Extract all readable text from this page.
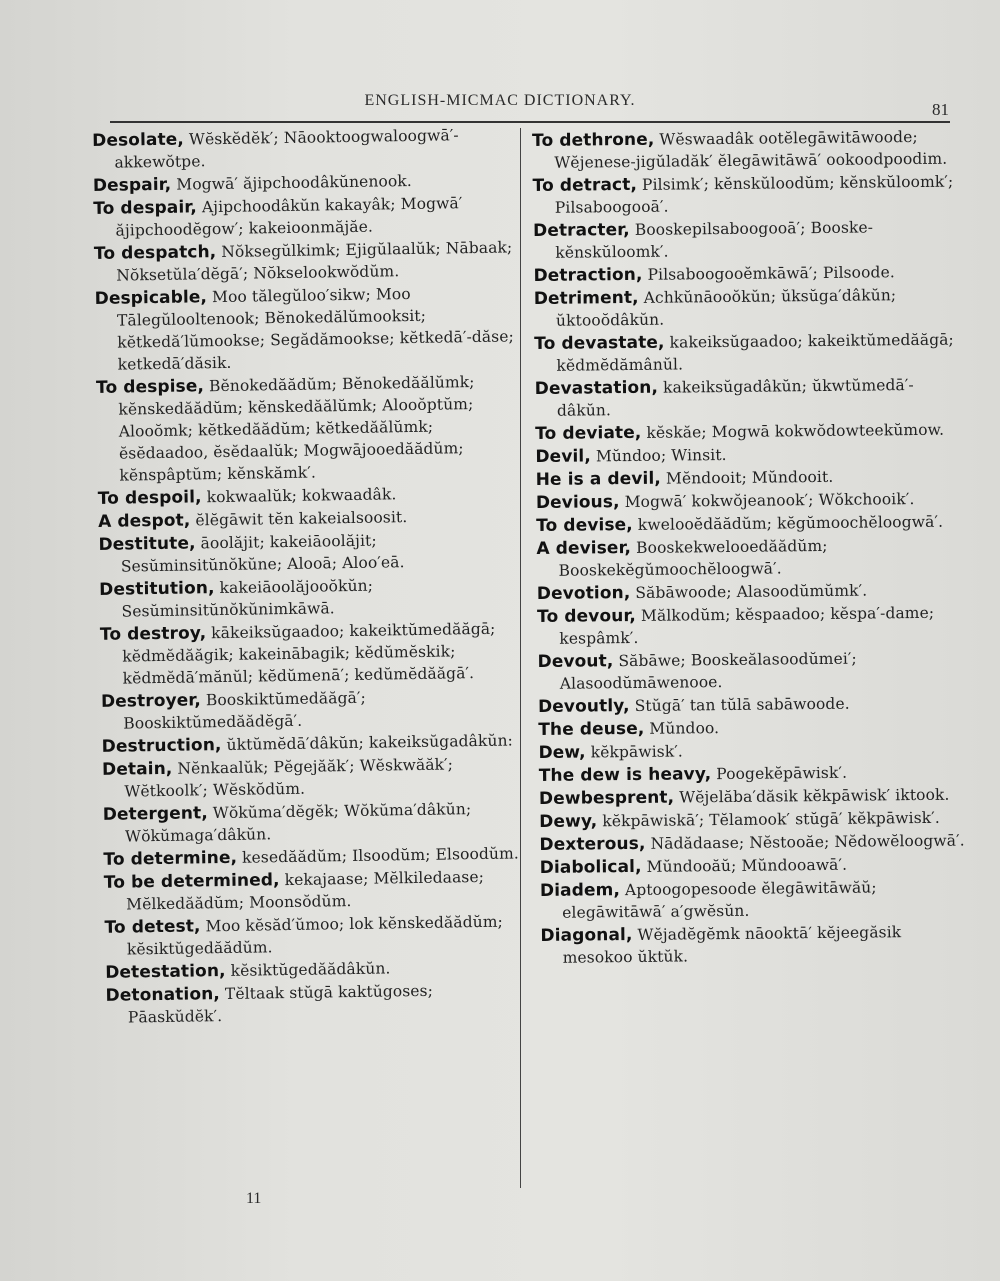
ENGLISH-MICMAC DICTIONARY.	81
Desolate, Wĕskĕdĕk′; Nāooktoogwaloogwā′-akkewŏtpe.
Despair, Mogwā′ ăjipchoodâkŭnenook.
To despair, Ajipchoodâkŭn kakayâk; Mogwā′ ăjipchoodĕgow′; kakeioonmăjăe.
To despatch, Nŏksegŭlkimk; Ejigŭlaalŭk; Nābaak; Nŏksetŭla′dĕgā′; Nŏkselookwŏdŭm.
Despicable, Moo tălegŭloo′sikw; Moo Tālegŭlooltenook; Bĕnokedălŭmooksit; kĕtkedă′lŭmookse; Segădămookse; kĕtkedā′-dăse; ketkedā′dăsik.
To despise, Bĕnokedăădŭm; Bĕnokedăălŭmk; kĕnskedăădŭm; kĕnskedăălŭmk; Alooŏptŭm; Alooŏmk; kĕtkedăădŭm; kĕtkedăălŭmk; ĕsĕdaadoo, ĕsĕdaalŭk; Mogwājooedăădŭm; kĕnspâptŭm; kĕnskămk′.
To despoil, kokwaalŭk; kokwaadâk.
A despot, ĕlĕgāwit tĕn kakeialsoosit.
Destitute, āoolăjit; kakeiāoolăjit; Sesŭminsitŭnŏkŭne; Alooā; Aloo′eā.
Destitution, kakeiāoolăjooŏkŭn; Sesŭminsitŭnŏkŭnimkāwā.
To destroy, kākeiksŭgaadoo; kakeiktŭmedăăgā; kĕdmĕdăăgik; kakeinābagik; kĕdŭmĕskik; kĕdmĕdā′mănŭl; kĕdŭmenā′; kedŭmĕdăăgā′.
Destroyer, Booskiktŭmedăăgā′; Booskiktŭmedăădĕgā′.
Destruction, ŭktŭmĕdā′dâkŭn; kakeiksŭgadâkŭn:
Detain, Nĕnkaalŭk; Pĕgejăăk′; Wĕskwăăk′; Wĕtkoolk′; Wĕskŏdŭm.
Detergent, Wŏkŭma′dĕgĕk; Wŏkŭma′dâkŭn; Wŏkŭmaga′dâkŭn.
To determine, kesedăădŭm; Ilsoodŭm; Elsoodŭm.
To be determined, kekajaase; Mĕlkiledaase; Mĕlkedăădŭm; Moonsŏdŭm.
To detest, Moo kĕsăd′ŭmoo; lok kĕnskedăădŭm; kĕsiktŭgedăădŭm.
Detestation, kĕsiktŭgedăădâkŭn.
Detonation, Tĕltaak stŭgā kaktŭgoses; Pāaskŭdĕk′.
To dethrone, Wĕswaadâk ootĕlegāwitāwoode; Wĕjenese-jigŭladăk′ ĕlegāwitāwā′ ookoodpoodim.
To detract, Pilsimk′; kĕnskŭloodŭm; kĕnskŭloomk′; Pilsaboogooā′.
Detracter, Booskepilsaboogooā′; Booske-kĕnskŭloomk′.
Detraction, Pilsaboogooĕmkāwā′; Pilsoode.
Detriment, Achkŭnāooŏkŭn; ŭksŭga′dâkŭn; ŭktooŏdâkŭn.
To devastate, kakeiksŭgaadoo; kakeiktŭmedăăgā; kĕdmĕdămânŭl.
Devastation, kakeiksŭgadâkŭn; ŭkwtŭmedā′-dâkŭn.
To deviate, kĕskăe; Mogwā kokwŏdowteekŭmow.
Devil, Mŭndoo; Winsit.
He is a devil, Mĕndooit; Mŭndooit.
Devious, Mogwā′ kokwŏjeanook′; Wŏkchooik′.
To devise, kwelooĕdăădŭm; kĕgŭmoochĕloogwā′.
A deviser, Booskekwelooedăădŭm; Booskekĕgŭmoochĕloogwā′.
Devotion, Săbāwoode; Alasoodŭmŭmk′.
To devour, Mălkodŭm; kĕspaadoo; kĕspa′-dame; kespâmk′.
Devout, Săbāwe; Booskeălasoodŭmei′; Alasoodŭmāwenooe.
Devoutly, Stŭgā′ tan tŭlā sabāwoode.
The deuse, Mŭndoo.
Dew, kĕkpāwisk′.
The dew is heavy, Poogekĕpāwisk′.
Dewbesprent, Wĕjelăba′dăsik kĕkpāwisk′ iktook.
Dewy, kĕkpāwiskā′; Tĕlamook′ stŭgā′ kĕkpāwisk′.
Dexterous, Nādădaase; Nĕstooăe; Nĕdowĕloogwā′.
Diabolical, Mŭndooăŭ; Mŭndooawā′.
Diadem, Aptoogopesoode ĕlegāwitāwăŭ; elegāwitāwā′ a′gwĕsŭn.
Diagonal, Wĕjadĕgĕmk nāooktā′ kĕjeegăsik mesokoo ŭktŭk.
11
